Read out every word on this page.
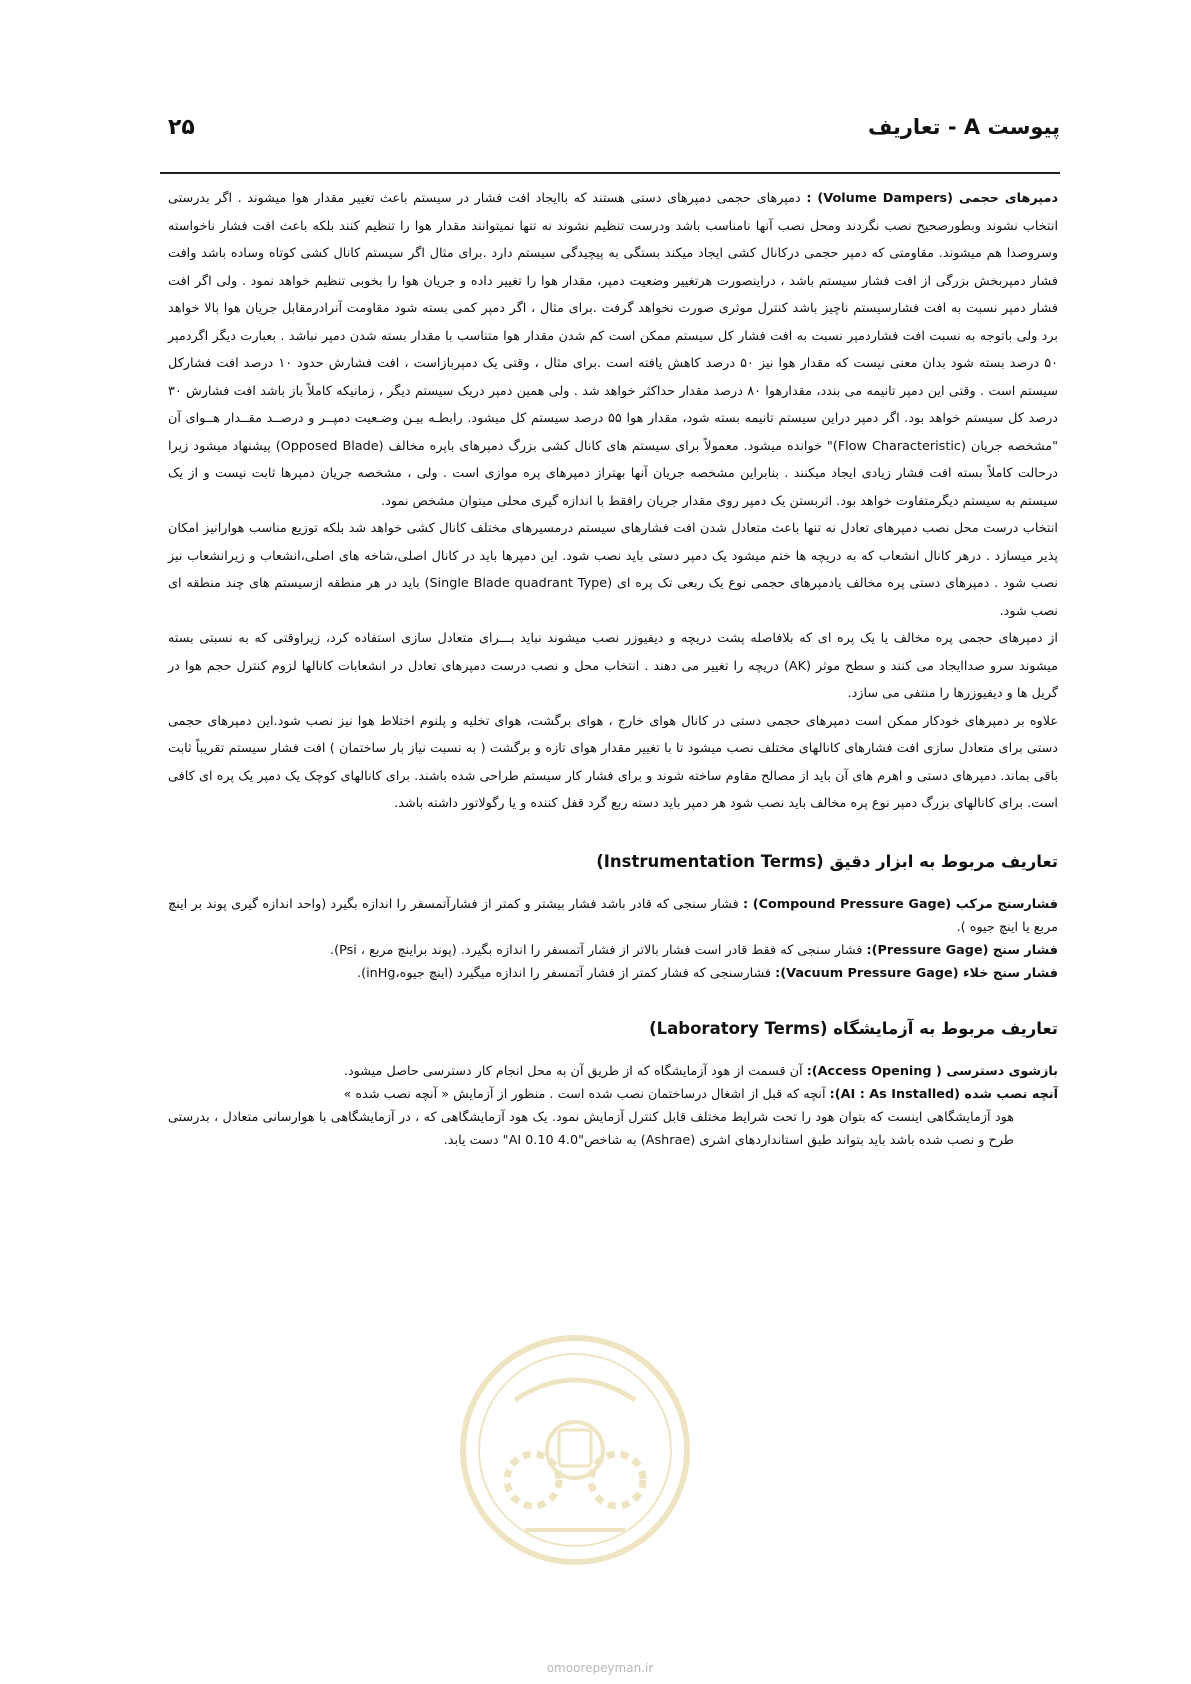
پیوست A - تعاریف
۲۵

دمپرهای حجمی (Volume Dampers) : دمپرهای حجمی دمپرهای دستی هستند که باایجاد افت فشار در سیستم باعث تغییر مقدار هوا میشوند . اگر بدرستی انتخاب نشوند وبطورصحیح نصب نگردند ومحل نصب آنها نامناسب باشد ودرست تنظیم نشوند نه تنها نمیتوانند مقدار هوا را تنظیم کنند بلکه باعث افت فشار ناخواسته وسروصدا هم میشوند. مقاومتی که دمپر حجمی درکانال کشی ایجاد میکند بستگی به پیچیدگی سیستم دارد .برای مثال اگر سیستم کانال کشی کوتاه وساده باشد وافت فشار دمپربخش بزرگی از افت فشار سیستم باشد ، دراینصورت هرتغییر وضعیت دمپر، مقدار هوا را تغییر داده و جریان هوا را بخوبی تنظیم خواهد نمود . ولی اگر افت فشار دمپر نسبت به افت فشارسیستم ناچیز باشد کنترل موثری صورت نخواهد گرفت .برای مثال ، اگر دمپر کمی بسته شود مقاومت آنرادرمقابل جریان هوا بالا خواهد برد ولی باتوجه به نسبت افت فشاردمپر نسبت به افت فشار کل سیستم ممکن است کم شدن مقدار هوا متناسب با مقدار بسته شدن دمپر نباشد . بعبارت دیگر اگردمپر ۵۰ درصد بسته شود بدان معنی نیست که مقدار هوا نیز ۵۰ درصد کاهش یافته است .برای مثال ، وقتی یک دمپربازاست ، افت فشارش حدود ۱۰ درصد افت فشارکل سیستم است . وقتی این دمپر تانیمه می بندد، مقدارهوا ۸۰ درصد مقدار حداکثر خواهد شد . ولی همین دمپر دریک سیستم دیگر ، زمانیکه کاملاً باز باشد افت فشارش ۳۰ درصد کل سیستم خواهد بود. اگر دمپر دراین سیستم تانیمه بسته شود، مقدار هوا ۵۵ درصد سیستم کل میشود. رابطـه بیـن وضـعیت دمپــر و درصــد مقــدار هــوای آن "مشخصه جریان (Flow Characteristic)" خوانده میشود. معمولاً برای سیستم های کانال کشی بزرگ دمپرهای باپره مخالف (Opposed Blade) پیشنهاد میشود زیرا درحالت کاملاً بسته افت فشار زیادی ایجاد میکنند . بنابراین مشخصه جریان آنها بهتراز دمپرهای پره موازی است . ولی ، مشخصه جریان دمپرها ثابت نیست و از یک سیستم به سیستم دیگرمتفاوت خواهد بود. اثربستن یک دمپر روی مقدار جریان رافقط با اندازه گیری محلی میتوان مشخص نمود.

انتخاب درست محل نصب دمپرهای تعادل نه تنها باعث متعادل شدن افت فشارهای سیستم درمسیرهای مختلف کانال کشی خواهد شد بلکه توزیع مناسب هوارانیز امکان پذیر میسازد . درهر کانال انشعاب که به دریچه ها ختم میشود یک دمپر دستی باید نصب شود. این دمپرها باید در کانال اصلی،شاخه های اصلی،انشعاب و زیرانشعاب نیز نصب شود . دمپرهای دستی پره مخالف یادمپرهای حجمی نوع یک ربعی تک پره ای (Single Blade quadrant Type) باید در هر منطقه ازسیستم های چند منطقه ای نصب شود.

از دمپرهای حجمی پره مخالف یا یک پره ای که بلافاصله پشت دریچه و دیفیوزر نصب میشوند نباید بـــرای متعادل سازی استفاده کرد، زیراوقتی که به نسبتی بسته میشوند سرو صداایجاد می کنند و سطح موثر (AK) دریچه را تغییر می دهند . انتخاب محل و نصب درست دمپرهای تعادل در انشعابات کانالها لزوم کنترل حجم هوا در گریل ها و دیفیوزرها را منتفی می سازد.

علاوه بر دمپرهای خودکار ممکن است دمپرهای حجمی دستی در کانال هوای خارج ، هوای برگشت، هوای تخلیه و پلنوم اختلاط هوا نیز نصب شود.این دمپرهای حجمی دستی برای متعادل سازی افت فشارهای کانالهای مختلف نصب میشود تا با تغییر مقدار هوای تازه و برگشت ( به نسبت نیاز بار ساختمان ) افت فشار سیستم تقریباً ثابت باقی بماند. دمپرهای دستی و اهرم های آن باید از مصالح مقاوم ساخته شوند و برای فشار کار سیستم طراحی شده باشند. برای کانالهای کوچک یک دمپر یک پره ای کافی است. برای کانالهای بزرگ دمپر نوع پره مخالف باید نصب شود هر دمپر باید دسته ربع گرد قفل کننده و یا رگولاتور داشته باشد.

تعاریف مربوط به ابزار دقیق (Instrumentation Terms)

فشارسنج مرکب (Compound Pressure Gage) : فشار سنجی که قادر باشد فشار بیشتر و کمتر از فشارآتمسفر را اندازه بگیرد (واحد اندازه گیری پوند بر اینچ مربع یا اینچ جیوه ).

فشار سنج (Pressure Gage): فشار سنجی که فقط قادر است فشار بالاتر از فشار آتمسفر را اندازه بگیرد. (پوند براینچ مربع ، Psi).

فشار سنج خلاء (Vacuum Pressure Gage): فشارسنجی که فشار کمتر از فشار آتمسفر را اندازه میگیرد (اینچ جیوه،inHg).

تعاریف مربوط به آزمایشگاه (Laboratory Terms)

بازشوی دسترسی ( Access Opening): آن قسمت از هود آزمایشگاه که از طریق آن به محل انجام کار دسترسی حاصل میشود.

آنچه نصب شده (AI : As Installed): آنچه که قبل از اشغال درساختمان نصب شده است . منظور از آزمایش « آنچه نصب شده »

هود آزمایشگاهی اینست که بتوان هود را تحت شرایط مختلف قابل کنترل آزمایش نمود. یک هود آزمایشگاهی که ، در آزمایشگاهی با هوارسانی متعادل ، بدرستی طرح و نصب شده باشد باید بتواند طبق استانداردهای اشری (Ashrae) به شاخص"4.0 AI 0.10" دست یابد.

omoorepeyman.ir
